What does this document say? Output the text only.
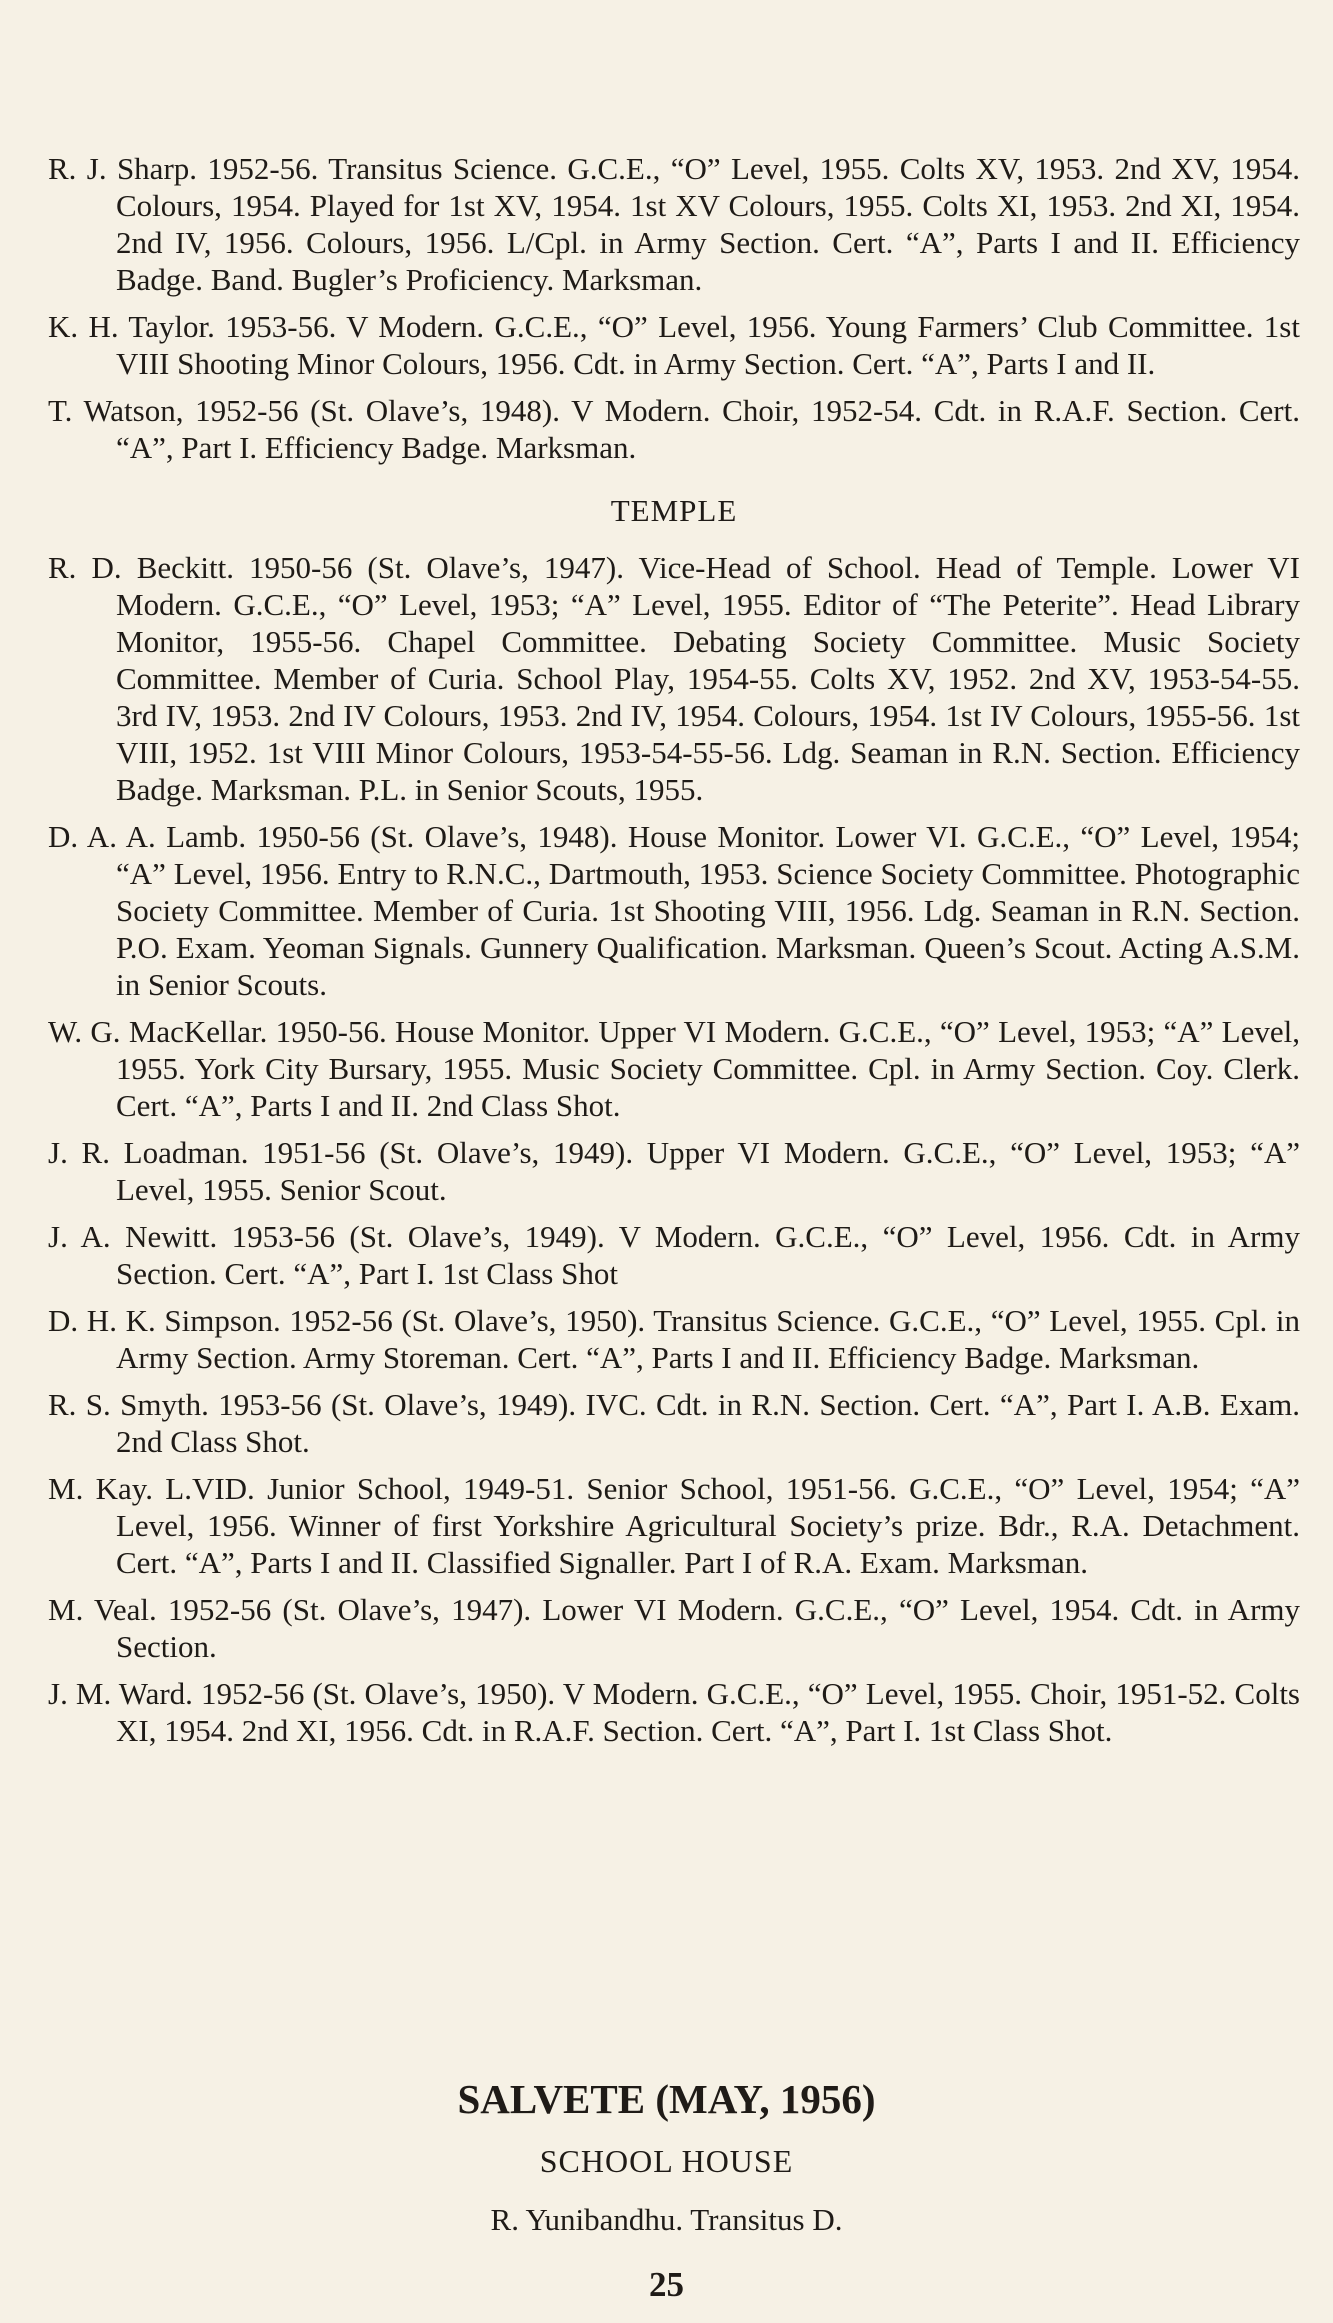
R. J. Sharp. 1952-56. Transitus Science. G.C.E., “O” Level, 1955. Colts XV, 1953. 2nd XV, 1954. Colours, 1954. Played for 1st XV, 1954. 1st XV Colours, 1955. Colts XI, 1953. 2nd XI, 1954. 2nd IV, 1956. Colours, 1956. L/Cpl. in Army Section. Cert. “A”, Parts I and II. Efficiency Badge. Band. Bugler’s Proficiency. Marksman.

K. H. Taylor. 1953-56. V Modern. G.C.E., “O” Level, 1956. Young Farmers’ Club Committee. 1st VIII Shooting Minor Colours, 1956. Cdt. in Army Section. Cert. “A”, Parts I and II.

T. Watson, 1952-56 (St. Olave’s, 1948). V Modern. Choir, 1952-54. Cdt. in R.A.F. Section. Cert. “A”, Part I. Efficiency Badge. Marksman.

TEMPLE

R. D. Beckitt. 1950-56 (St. Olave’s, 1947). Vice-Head of School. Head of Temple. Lower VI Modern. G.C.E., “O” Level, 1953; “A” Level, 1955. Editor of “The Peterite”. Head Library Monitor, 1955-56. Chapel Committee. Debating Society Committee. Music Society Committee. Member of Curia. School Play, 1954-55. Colts XV, 1952. 2nd XV, 1953-54-55. 3rd IV, 1953. 2nd IV Colours, 1953. 2nd IV, 1954. Colours, 1954. 1st IV Colours, 1955-56. 1st VIII, 1952. 1st VIII Minor Colours, 1953-54-55-56. Ldg. Seaman in R.N. Section. Efficiency Badge. Marksman. P.L. in Senior Scouts, 1955.

D. A. A. Lamb. 1950-56 (St. Olave’s, 1948). House Monitor. Lower VI. G.C.E., “O” Level, 1954; “A” Level, 1956. Entry to R.N.C., Dartmouth, 1953. Science Society Committee. Photographic Society Committee. Member of Curia. 1st Shooting VIII, 1956. Ldg. Seaman in R.N. Section. P.O. Exam. Yeoman Signals. Gunnery Qualification. Marksman. Queen’s Scout. Acting A.S.M. in Senior Scouts.

W. G. MacKellar. 1950-56. House Monitor. Upper VI Modern. G.C.E., “O” Level, 1953; “A” Level, 1955. York City Bursary, 1955. Music Society Committee. Cpl. in Army Section. Coy. Clerk. Cert. “A”, Parts I and II. 2nd Class Shot.

J. R. Loadman. 1951-56 (St. Olave’s, 1949). Upper VI Modern. G.C.E., “O” Level, 1953; “A” Level, 1955. Senior Scout.

J. A. Newitt. 1953-56 (St. Olave’s, 1949). V Modern. G.C.E., “O” Level, 1956. Cdt. in Army Section. Cert. “A”, Part I. 1st Class Shot

D. H. K. Simpson. 1952-56 (St. Olave’s, 1950). Transitus Science. G.C.E., “O” Level, 1955. Cpl. in Army Section. Army Storeman. Cert. “A”, Parts I and II. Efficiency Badge. Marksman.

R. S. Smyth. 1953-56 (St. Olave’s, 1949). IVC. Cdt. in R.N. Section. Cert. “A”, Part I. A.B. Exam. 2nd Class Shot.

M. Kay. L.VID. Junior School, 1949-51. Senior School, 1951-56. G.C.E., “O” Level, 1954; “A” Level, 1956. Winner of first Yorkshire Agricultural Society’s prize. Bdr., R.A. Detachment. Cert. “A”, Parts I and II. Classified Signaller. Part I of R.A. Exam. Marksman.

M. Veal. 1952-56 (St. Olave’s, 1947). Lower VI Modern. G.C.E., “O” Level, 1954. Cdt. in Army Section.

J. M. Ward. 1952-56 (St. Olave’s, 1950). V Modern. G.C.E., “O” Level, 1955. Choir, 1951-52. Colts XI, 1954. 2nd XI, 1956. Cdt. in R.A.F. Section. Cert. “A”, Part I. 1st Class Shot.

SALVETE (MAY, 1956)
SCHOOL HOUSE
R. Yunibandhu. Transitus D.
25
